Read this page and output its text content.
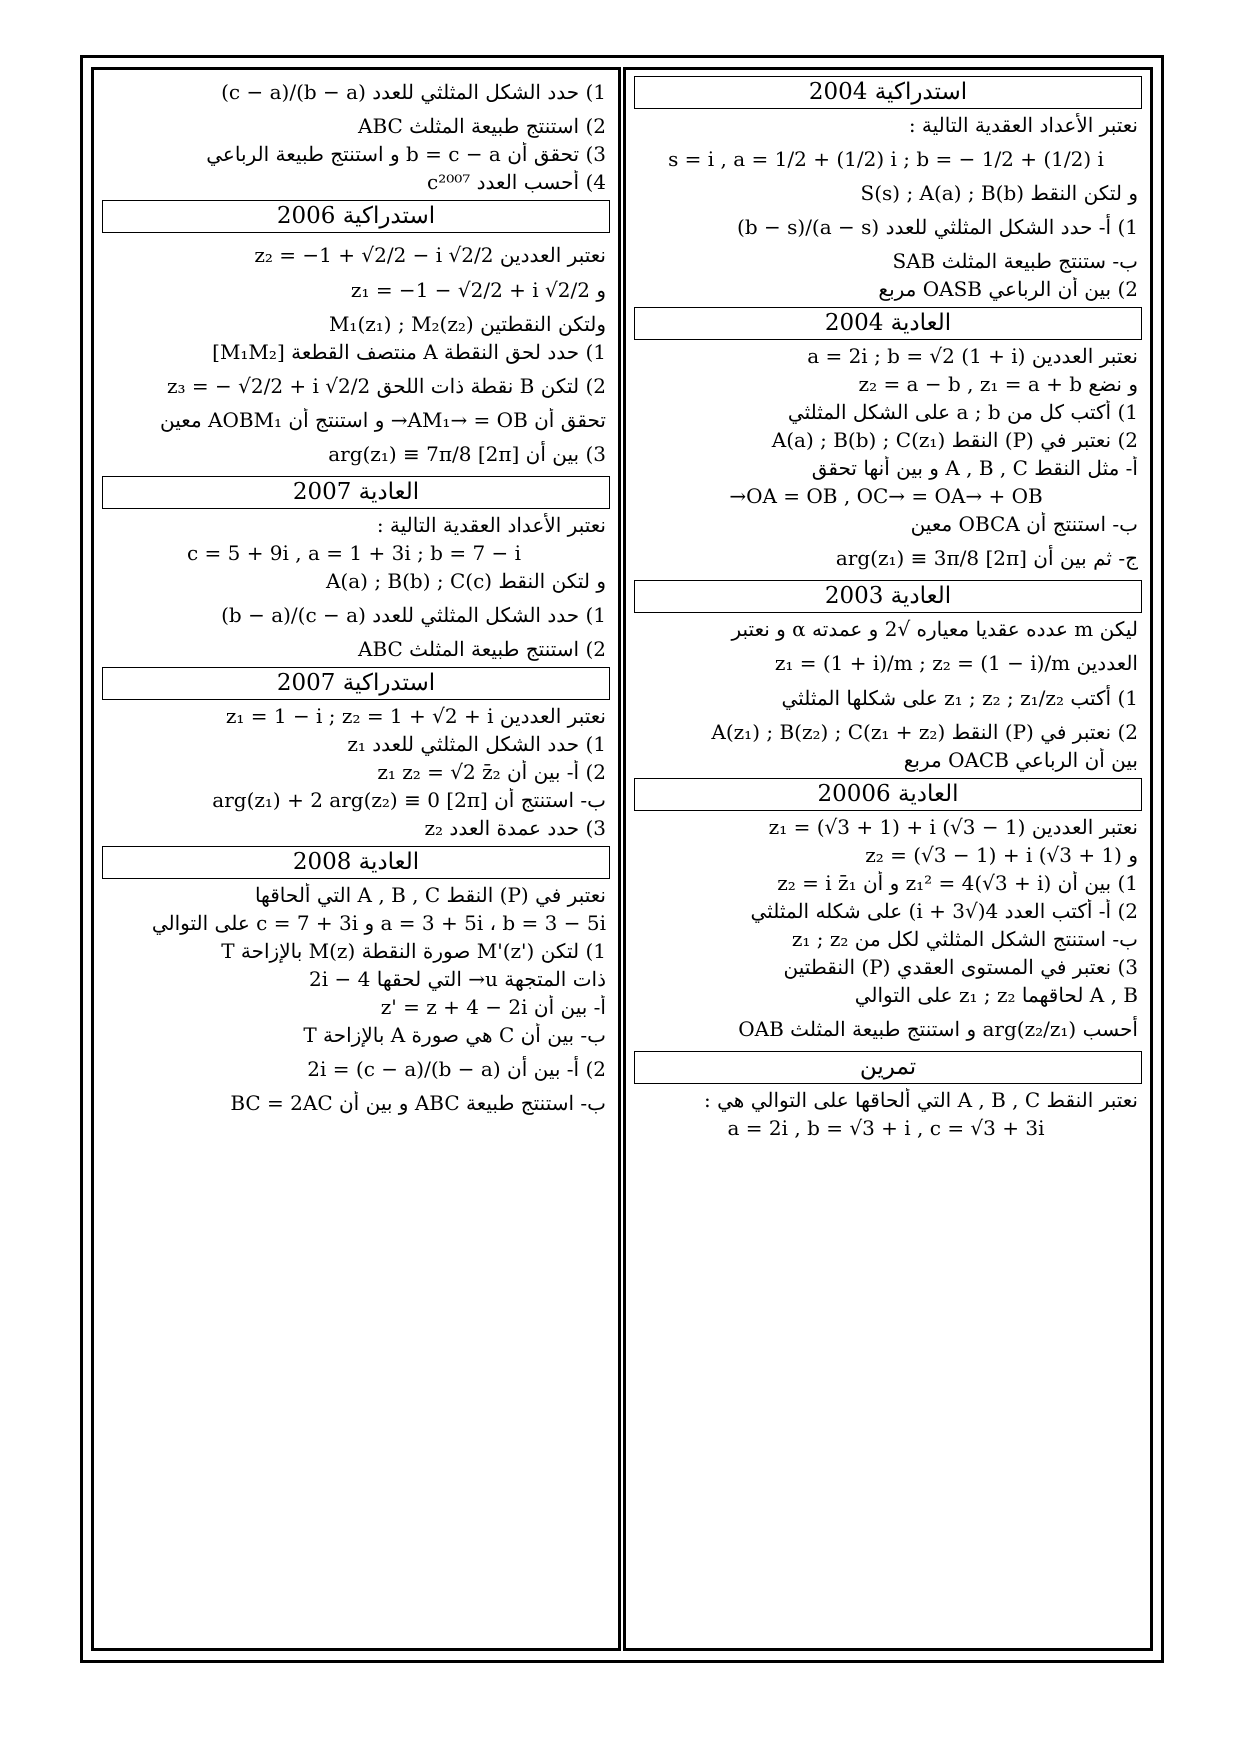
استدراكية 2004
نعتبر الأعداد العقدية التالية :
s = i , a = 1/2 + (1/2) i ; b = − 1/2 + (1/2) i
و لتكن النقط S(s) ; A(a) ; B(b)
1) أ- حدد الشكل المثلثي للعدد (a − s)/(b − s)
ب- ستنتج طبيعة المثلث SAB
2) بين أن الرباعي OASB مربع
العادية 2004
نعتبر العددين a = 2i ; b = √2 (1 + i)
و نضع z₂ = a − b , z₁ = a + b
1) أكتب كل من a ; b على الشكل المثلثي
2) نعتبر في (P) النقط A(a) ; B(b) ; C(z₁)
أ- مثل النقط A , B , C و بين أنها تحقق
OA = OB , OC→ = OA→ + OB→
ب- استنتج أن OBCA معين
ج- ثم بين أن arg(z₁) ≡ 3π/8 [2π]
العادية 2003
ليكن m عدده عقديا معياره √2 و عمدته α و نعتبر
العددين z₁ = (1 + i)/m ; z₂ = (1 − i)/m
1) أكتب z₁ ; z₂ ; z₁/z₂ على شكلها المثلثي
2) نعتبر في (P) النقط A(z₁) ; B(z₂) ; C(z₁ + z₂)
بين أن الرباعي OACB مربع
العادية 20006
نعتبر العددين z₁ = (√3 + 1) + i (√3 − 1)
و z₂ = (√3 − 1) + i (√3 + 1)
1) بين أن z₁² = 4(√3 + i) و أن z₂ = i z̄₁
2) أ- أكتب العدد 4(√3 + i) على شكله المثلثي
ب- استنتج الشكل المثلثي لكل من z₁ ; z₂
3) نعتبر في المستوى العقدي (P) النقطتين
A , B لحاقهما z₁ ; z₂ على التوالي
أحسب arg(z₂/z₁) و استنتج طبيعة المثلث OAB
تمرين
نعتبر النقط A , B , C التي ألحاقها على التوالي هي :
a = 2i , b = √3 + i , c = √3 + 3i
1) حدد الشكل المثلثي للعدد (b − a)/(c − a)
2) استنتج طبيعة المثلث ABC
3) تحقق أن b = c − a و استنتج طبيعة الرباعي
4) أحسب العدد c²⁰⁰⁷
استدراكية 2006
نعتبر العددين z₂ = −1 + √2/2 − i √2/2
و z₁ = −1 − √2/2 + i √2/2
ولتكن النقطتين M₁(z₁) ; M₂(z₂)
1) حدد لحق النقطة A منتصف القطعة [M₁M₂]
2) لتكن B نقطة ذات اللحق z₃ = − √2/2 + i √2/2
تحقق أن AM₁→ = OB→ و استنتج أن AOBM₁ معين
3) بين أن arg(z₁) ≡ 7π/8 [2π]
العادية 2007
نعتبر الأعداد العقدية التالية :
c = 5 + 9i , a = 1 + 3i ; b = 7 − i
و لتكن النقط A(a) ; B(b) ; C(c)
1) حدد الشكل المثلثي للعدد (c − a)/(b − a)
2) استنتج طبيعة المثلث ABC
استدراكية 2007
نعتبر العددين z₁ = 1 − i ; z₂ = 1 + √2 + i
1) حدد الشكل المثلثي للعدد z₁
2) أ- بين أن z₁ z₂ = √2 z̄₂
ب- استنتج أن arg(z₁) + 2 arg(z₂) ≡ 0 [2π]
3) حدد عمدة العدد z₂
العادية 2008
نعتبر في (P) النقط A , B , C التي ألحاقها
a = 3 + 5i ، b = 3 − 5i و c = 7 + 3i على التوالي
1) لتكن M'(z') صورة النقطة M(z) بالإزاحة T
ذات المتجهة u→ التي لحقها 4 − 2i
أ- بين أن z' = z + 4 − 2i
ب- بين أن C هي صورة A بالإزاحة T
2) أ- بين أن (b − a)/(c − a) = 2i
ب- استنتج طبيعة ABC و بين أن BC = 2AC
